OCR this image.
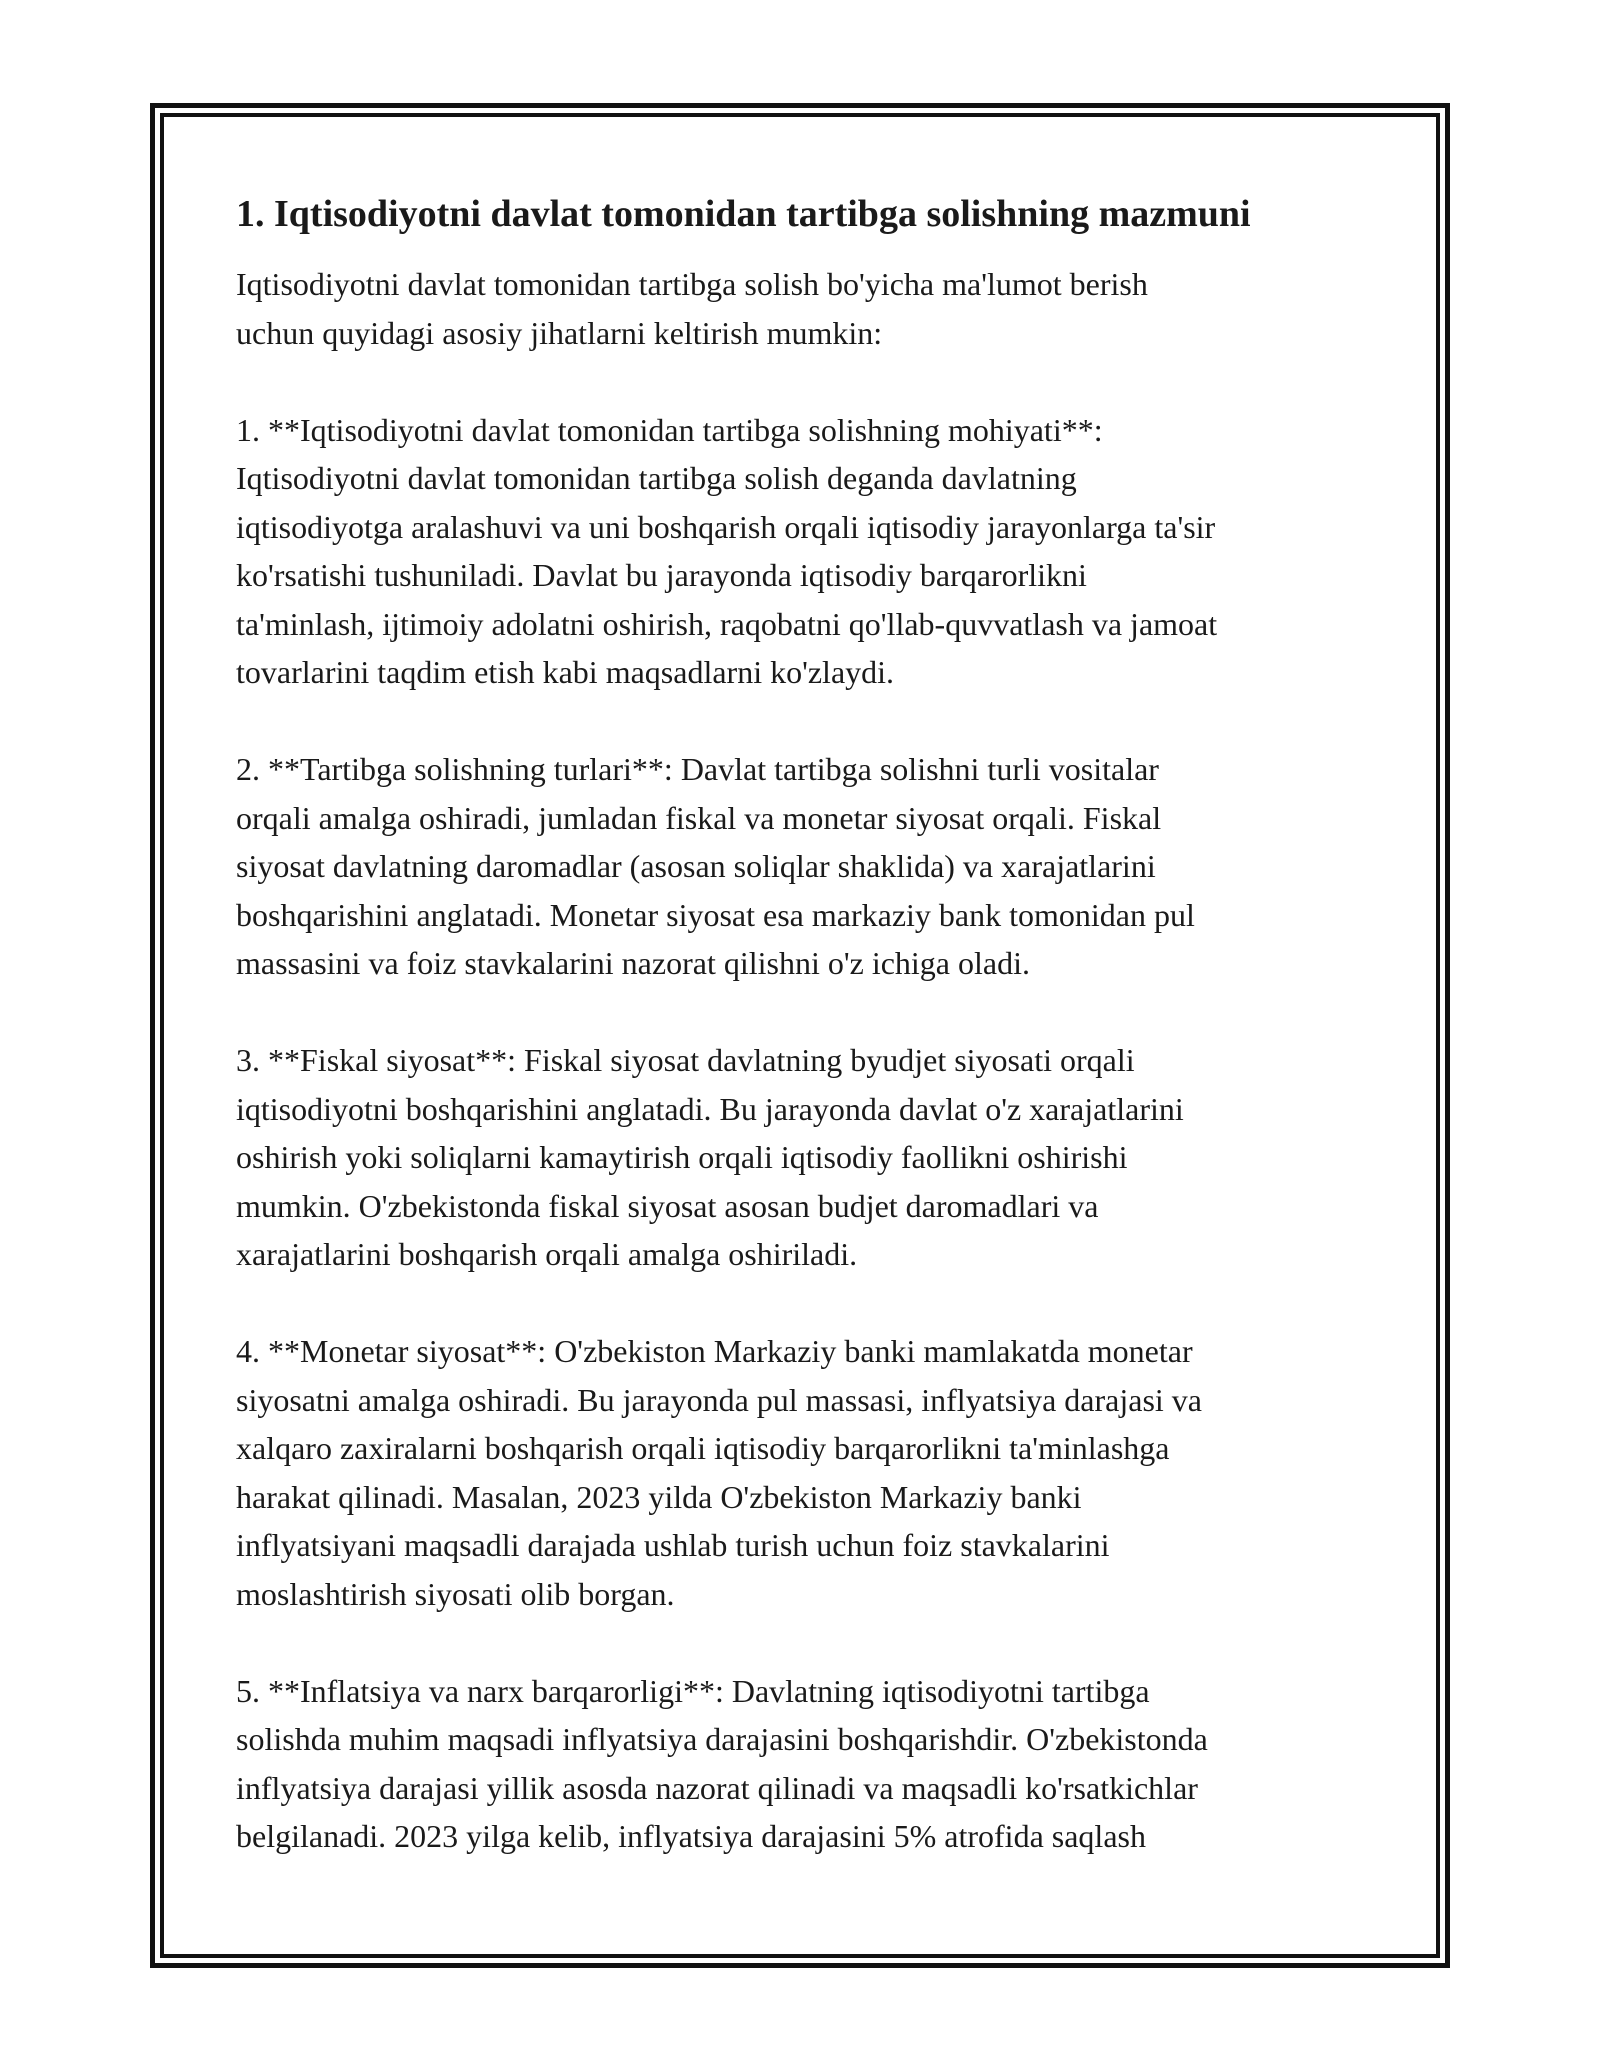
1. Iqtisodiyotni davlat tomonidan tartibga solishning mazmuni

Iqtisodiyotni davlat tomonidan tartibga solish bo'yicha ma'lumot berish
uchun quyidagi asosiy jihatlarni keltirish mumkin:

1. **Iqtisodiyotni davlat tomonidan tartibga solishning mohiyati**:
Iqtisodiyotni davlat tomonidan tartibga solish deganda davlatning
iqtisodiyotga aralashuvi va uni boshqarish orqali iqtisodiy jarayonlarga ta'sir
ko'rsatishi tushuniladi. Davlat bu jarayonda iqtisodiy barqarorlikni
ta'minlash, ijtimoiy adolatni oshirish, raqobatni qo'llab-quvvatlash va jamoat
tovarlarini taqdim etish kabi maqsadlarni ko'zlaydi.

2. **Tartibga solishning turlari**: Davlat tartibga solishni turli vositalar
orqali amalga oshiradi, jumladan fiskal va monetar siyosat orqali. Fiskal
siyosat davlatning daromadlar (asosan soliqlar shaklida) va xarajatlarini
boshqarishini anglatadi. Monetar siyosat esa markaziy bank tomonidan pul
massasini va foiz stavkalarini nazorat qilishni o'z ichiga oladi.

3. **Fiskal siyosat**: Fiskal siyosat davlatning byudjet siyosati orqali
iqtisodiyotni boshqarishini anglatadi. Bu jarayonda davlat o'z xarajatlarini
oshirish yoki soliqlarni kamaytirish orqali iqtisodiy faollikni oshirishi
mumkin. O'zbekistonda fiskal siyosat asosan budjet daromadlari va
xarajatlarini boshqarish orqali amalga oshiriladi.

4. **Monetar siyosat**: O'zbekiston Markaziy banki mamlakatda monetar
siyosatni amalga oshiradi. Bu jarayonda pul massasi, inflyatsiya darajasi va
xalqaro zaxiralarni boshqarish orqali iqtisodiy barqarorlikni ta'minlashga
harakat qilinadi. Masalan, 2023 yilda O'zbekiston Markaziy banki
inflyatsiyani maqsadli darajada ushlab turish uchun foiz stavkalarini
moslashtirish siyosati olib borgan.

5. **Inflatsiya va narx barqarorligi**: Davlatning iqtisodiyotni tartibga
solishda muhim maqsadi inflyatsiya darajasini boshqarishdir. O'zbekistonda
inflyatsiya darajasi yillik asosda nazorat qilinadi va maqsadli ko'rsatkichlar
belgilanadi. 2023 yilga kelib, inflyatsiya darajasini 5% atrofida saqlash
